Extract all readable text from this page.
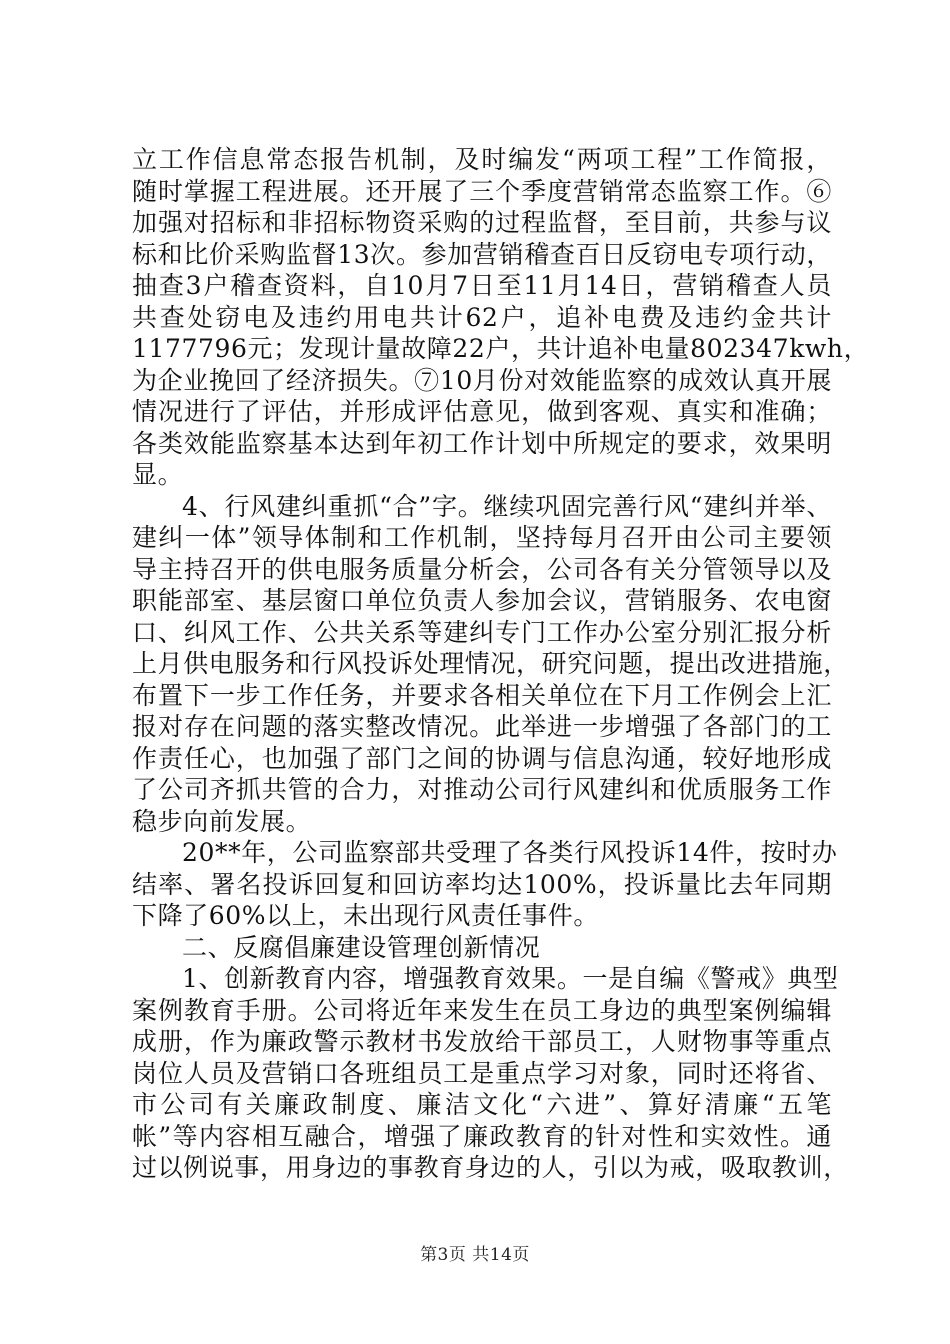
立工作信息常态报告机制，及时编发“两项工程”工作简报，
随时掌握工程进展。还开展了三个季度营销常态监察工作。⑥
加强对招标和非招标物资采购的过程监督，至目前，共参与议
标和比价采购监督13次。参加营销稽查百日反窃电专项行动，
抽查3户稽查资料，自10月7日至11月14日，营销稽查人员
共查处窃电及违约用电共计62户，追补电费及违约金共计
1177796元；发现计量故障22户，共计追补电量802347kwh，
为企业挽回了经济损失。⑦10月份对效能监察的成效认真开展
情况进行了评估，并形成评估意见，做到客观、真实和准确；
各类效能监察基本达到年初工作计划中所规定的要求，效果明
显。
4、行风建纠重抓“合”字。继续巩固完善行风“建纠并举、
建纠一体”领导体制和工作机制，坚持每月召开由公司主要领
导主持召开的供电服务质量分析会，公司各有关分管领导以及
职能部室、基层窗口单位负责人参加会议，营销服务、农电窗
口、纠风工作、公共关系等建纠专门工作办公室分别汇报分析
上月供电服务和行风投诉处理情况，研究问题，提出改进措施，
布置下一步工作任务，并要求各相关单位在下月工作例会上汇
报对存在问题的落实整改情况。此举进一步增强了各部门的工
作责任心，也加强了部门之间的协调与信息沟通，较好地形成
了公司齐抓共管的合力，对推动公司行风建纠和优质服务工作
稳步向前发展。
20**年，公司监察部共受理了各类行风投诉14件，按时办
结率、署名投诉回复和回访率均达100%，投诉量比去年同期
下降了60%以上，未出现行风责任事件。
二、反腐倡廉建设管理创新情况
1、创新教育内容，增强教育效果。一是自编《警戒》典型
案例教育手册。公司将近年来发生在员工身边的典型案例编辑
成册，作为廉政警示教材书发放给干部员工，人财物事等重点
岗位人员及营销口各班组员工是重点学习对象，同时还将省、
市公司有关廉政制度、廉洁文化“六进”、算好清廉“五笔
帐”等内容相互融合，增强了廉政教育的针对性和实效性。通
过以例说事，用身边的事教育身边的人，引以为戒，吸取教训，
第3页 共14页
